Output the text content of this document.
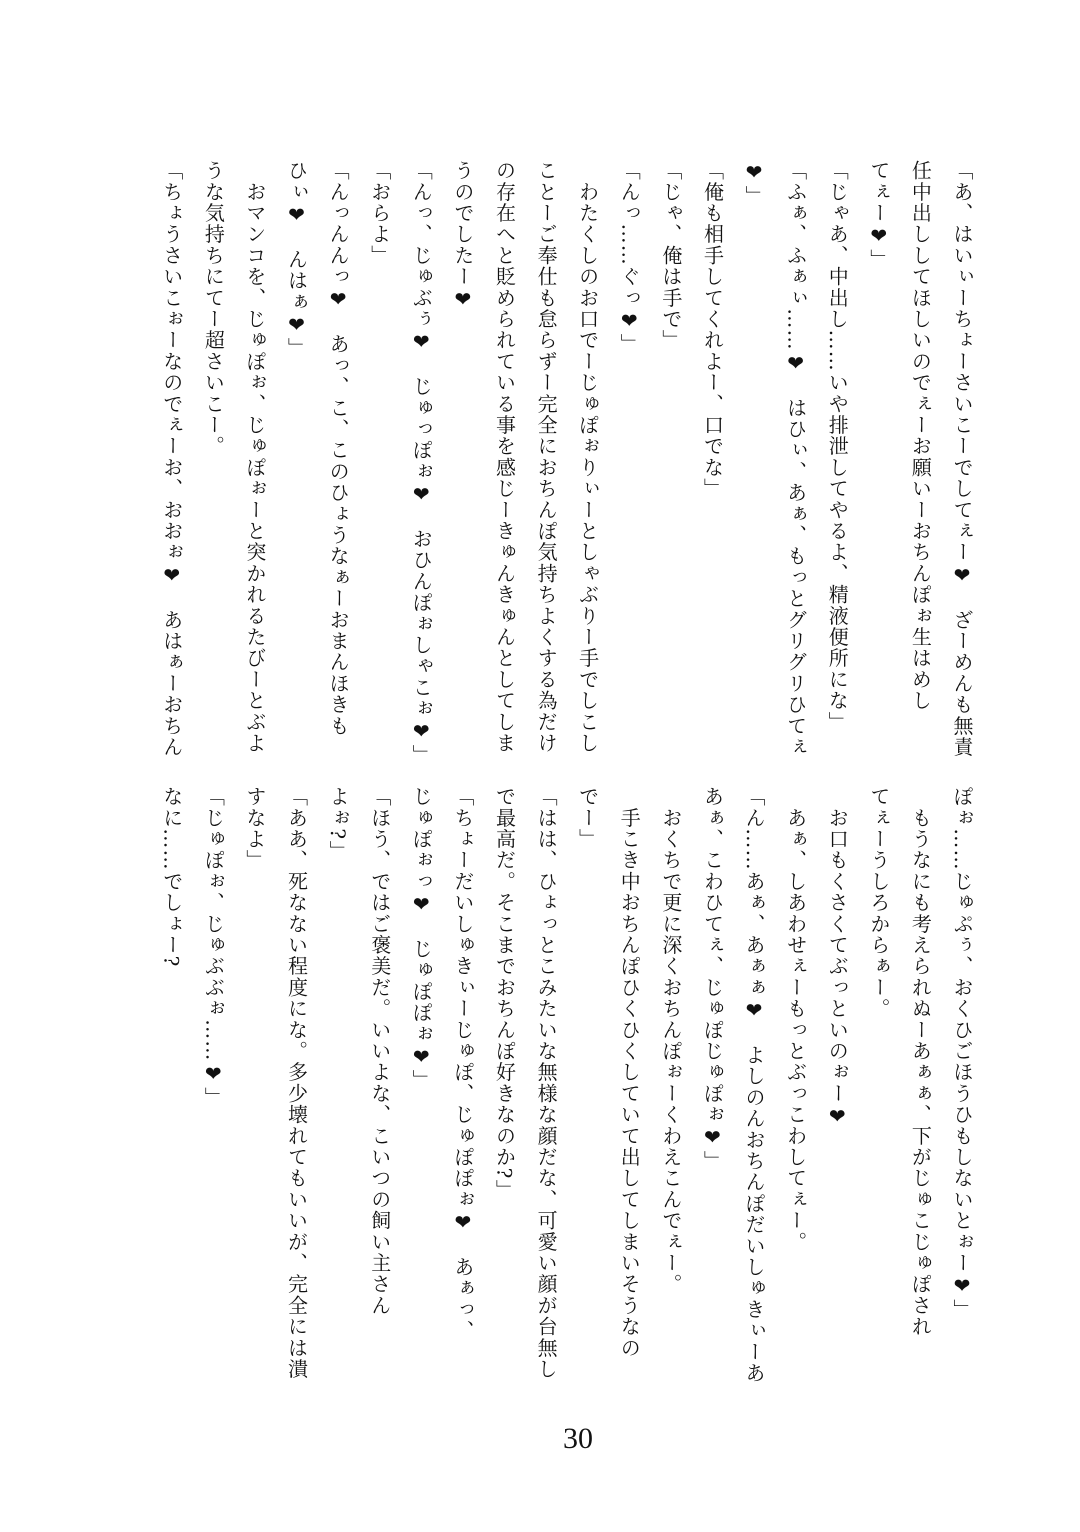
「あ、はいぃーちょーさいこーでしてぇー❤　ざーめんも無責
任中出ししてほしいのでぇーお願いーおちんぽぉ生はめし
てぇー❤」
「じゃあ、中出し……いや排泄してやるよ、精液便所にな」
「ふぁ、ふぁぃ……❤　はひぃ、あぁ、もっとグリグリひてぇ
❤」
「俺も相手してくれよー、口でな」
「じゃ、俺は手で」
「んっ……ぐっ❤」
　わたくしのお口でーじゅぽぉりぃーとしゃぶりー手でしこし
ことーご奉仕も怠らずー完全におちんぽ気持ちよくする為だけ
の存在へと貶められている事を感じーきゅんきゅんとしてしま
うのでしたー❤
「んっ、じゅぶぅ❤　じゅっぽぉ❤　おひんぽぉしゃこぉ❤」
「おらよ」
「んっんんっ❤　あっ、こ、このひょうなぁーおまんほきも
ひぃ❤　んはぁ❤」
　おマンコを、じゅぽぉ、じゅぽぉーと突かれるたびーとぶよ
うな気持ちにてー超さいこー。
「ちょうさいこぉーなのでぇーお、おおぉ❤　あはぁーおちん
ぽぉ……じゅぷぅ、おくひごほうひもしないとぉー❤」
　もうなにも考えられぬーあぁぁ、下がじゅこじゅぽされ
てぇーうしろからぁー。
　お口もくさくてぶっといのぉー❤
　あぁ、しあわせぇーもっとぶっこわしてぇー。
「ん……あぁ、あぁぁ❤　よしのんおちんぽだいしゅきぃーあ
あぁ、こわひてぇ、じゅぽじゅぽぉ❤」
　おくちで更に深くおちんぽぉーくわえこんでぇー。
　手こき中おちんぽひくひくしていて出してしまいそうなの
でー」
「はは、ひょっとこみたいな無様な顔だな、可愛い顔が台無し
で最高だ。そこまでおちんぽ好きなのか?」
「ちょーだいしゅきぃーじゅぽ、じゅぽぽぉ❤　あぁっ、
じゅぽぉっ❤　じゅぽぽぉ❤」
「ほう、ではご褒美だ。いいよな、こいつの飼い主さん
よぉ?」
「ああ、死なない程度にな。多少壊れてもいいが、完全には潰
すなよ」
「じゅぽぉ、じゅぶぶぉ……❤」
なに……でしょー?
30
